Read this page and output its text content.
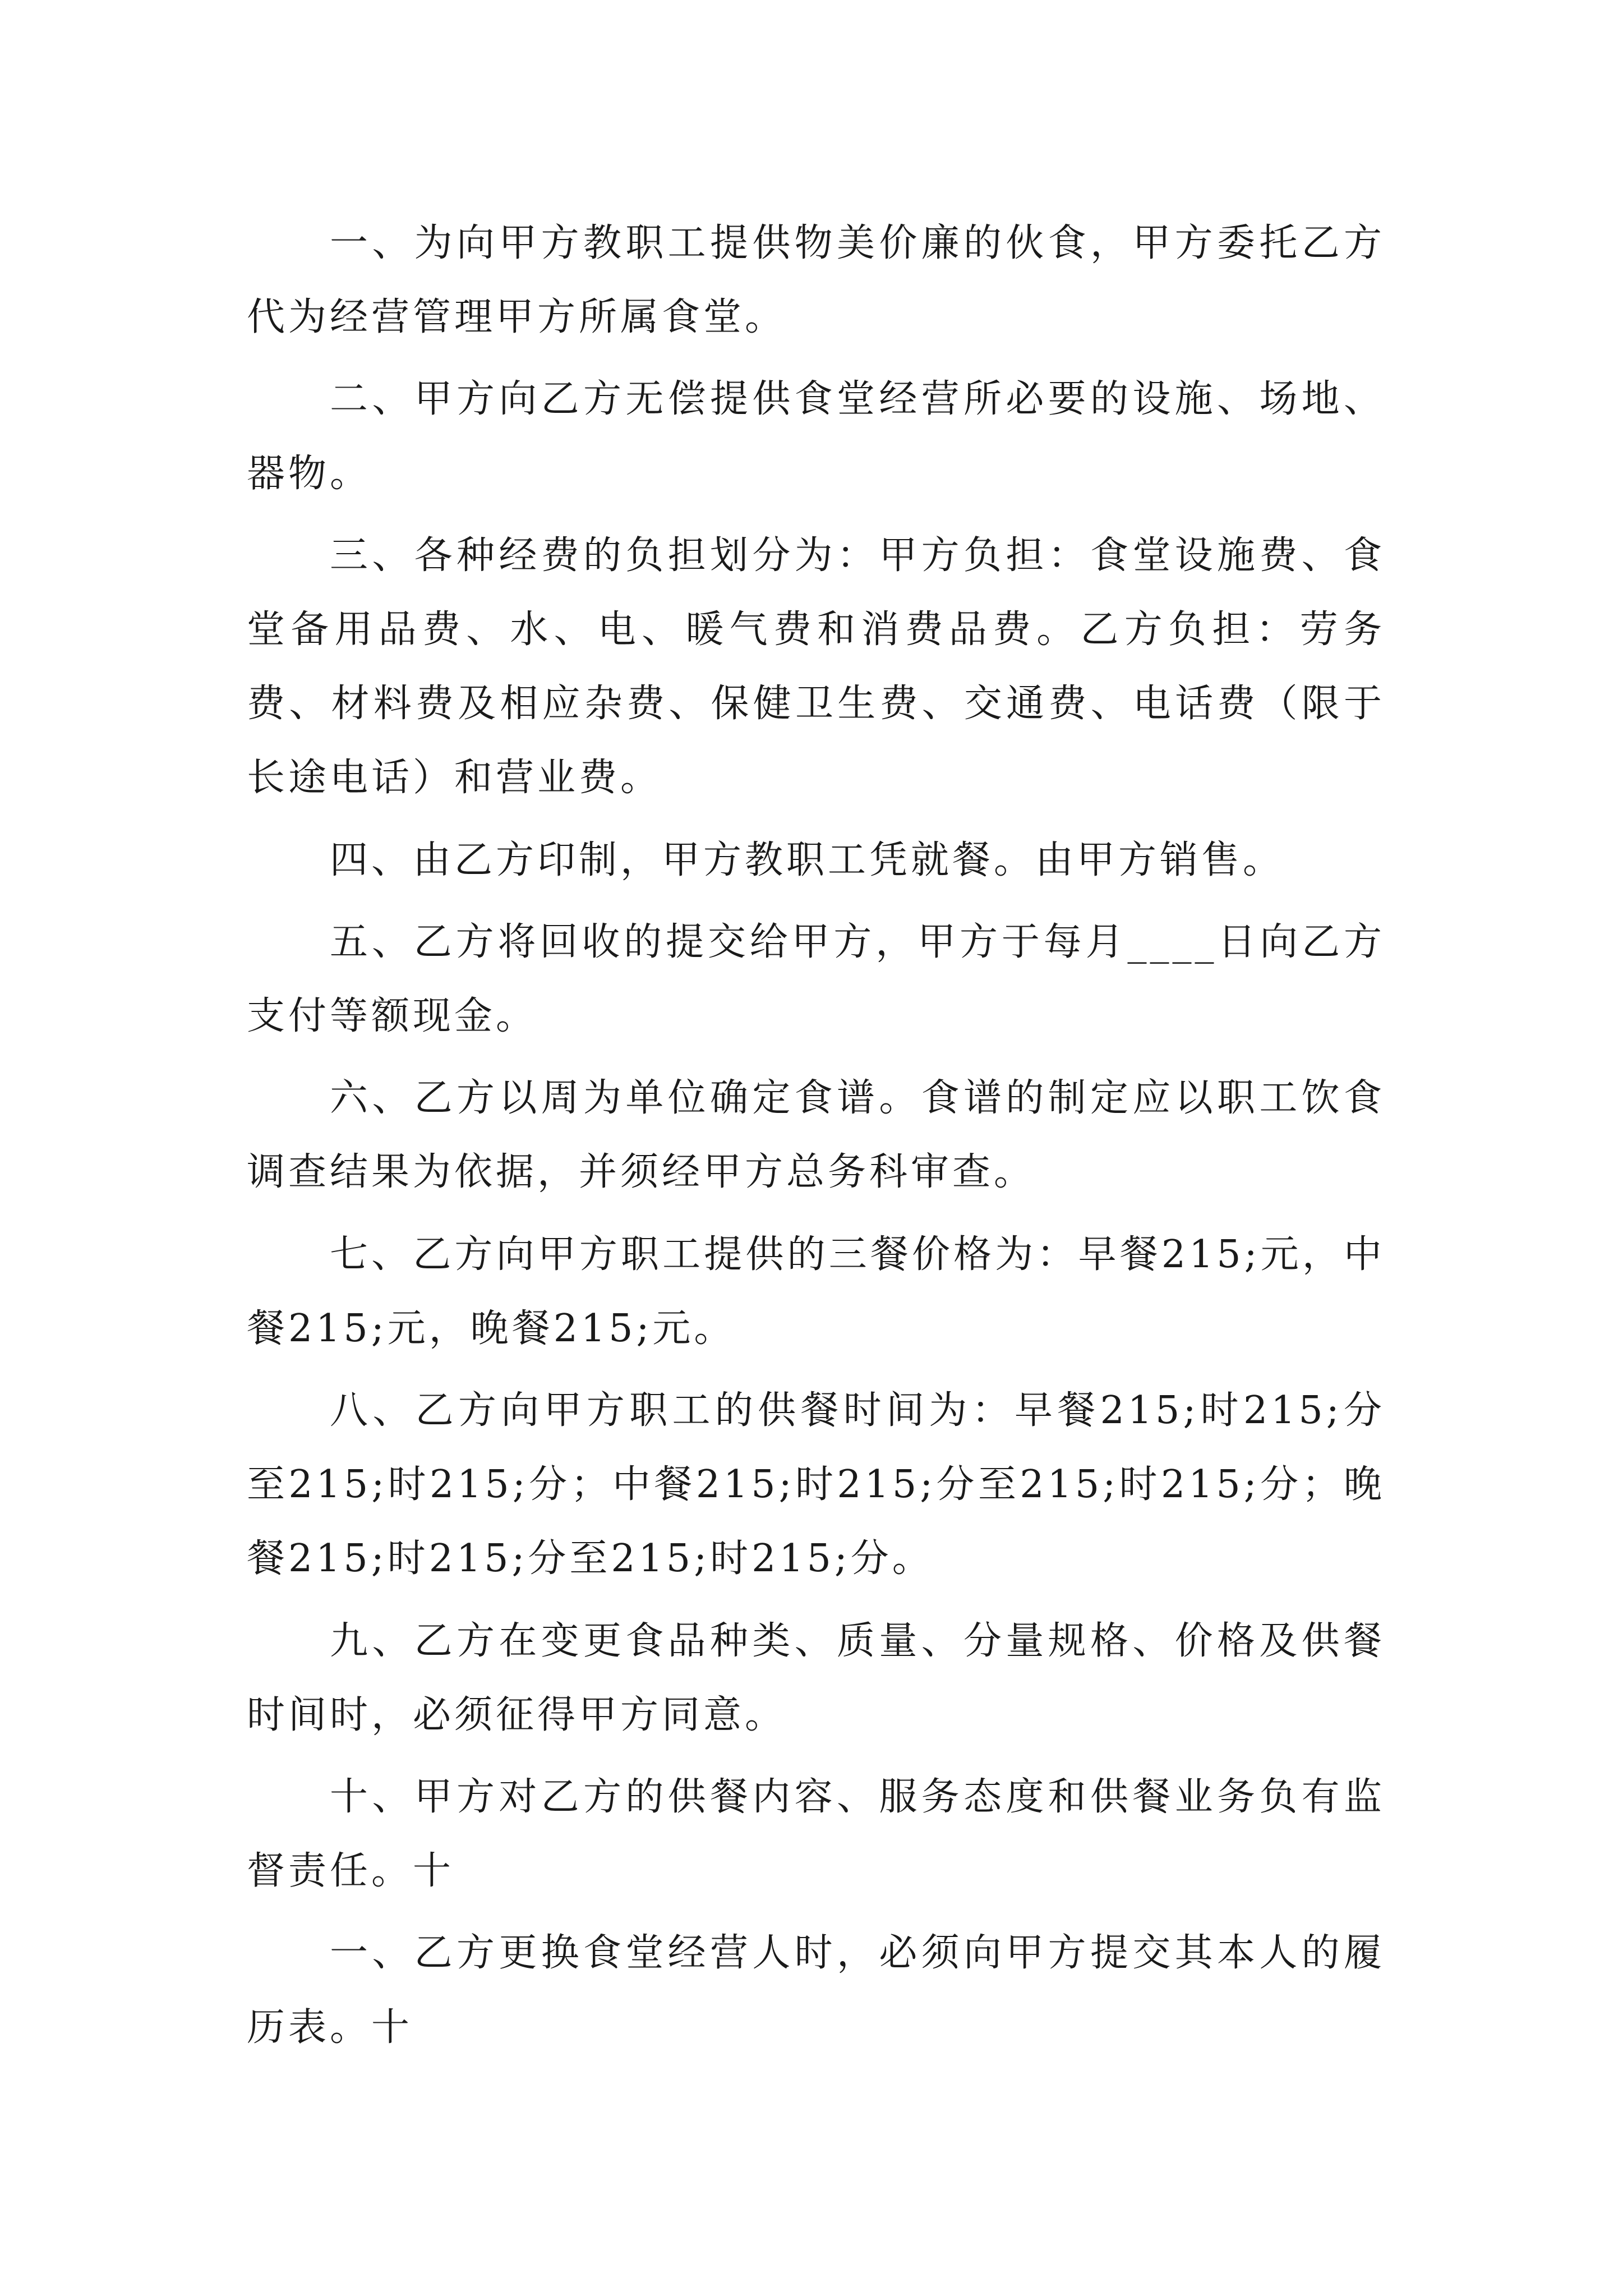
一、为向甲方教职工提供物美价廉的伙食，甲方委托乙方代为经营管理甲方所属食堂。

二、甲方向乙方无偿提供食堂经营所必要的设施、场地、器物。

三、各种经费的负担划分为：甲方负担：食堂设施费、食堂备用品费、水、电、暖气费和消费品费。乙方负担：劳务费、材料费及相应杂费、保健卫生费、交通费、电话费（限于长途电话）和营业费。

四、由乙方印制，甲方教职工凭就餐。由甲方销售。

五、乙方将回收的提交给甲方，甲方于每月____日向乙方支付等额现金。

六、乙方以周为单位确定食谱。食谱的制定应以职工饮食调查结果为依据，并须经甲方总务科审查。

七、乙方向甲方职工提供的三餐价格为：早餐215;元，中餐215;元，晚餐215;元。

八、乙方向甲方职工的供餐时间为：早餐215;时215;分至215;时215;分；中餐215;时215;分至215;时215;分；晚餐215;时215;分至215;时215;分。

九、乙方在变更食品种类、质量、分量规格、价格及供餐时间时，必须征得甲方同意。

十、甲方对乙方的供餐内容、服务态度和供餐业务负有监督责任。十

一、乙方更换食堂经营人时，必须向甲方提交其本人的履历表。十
